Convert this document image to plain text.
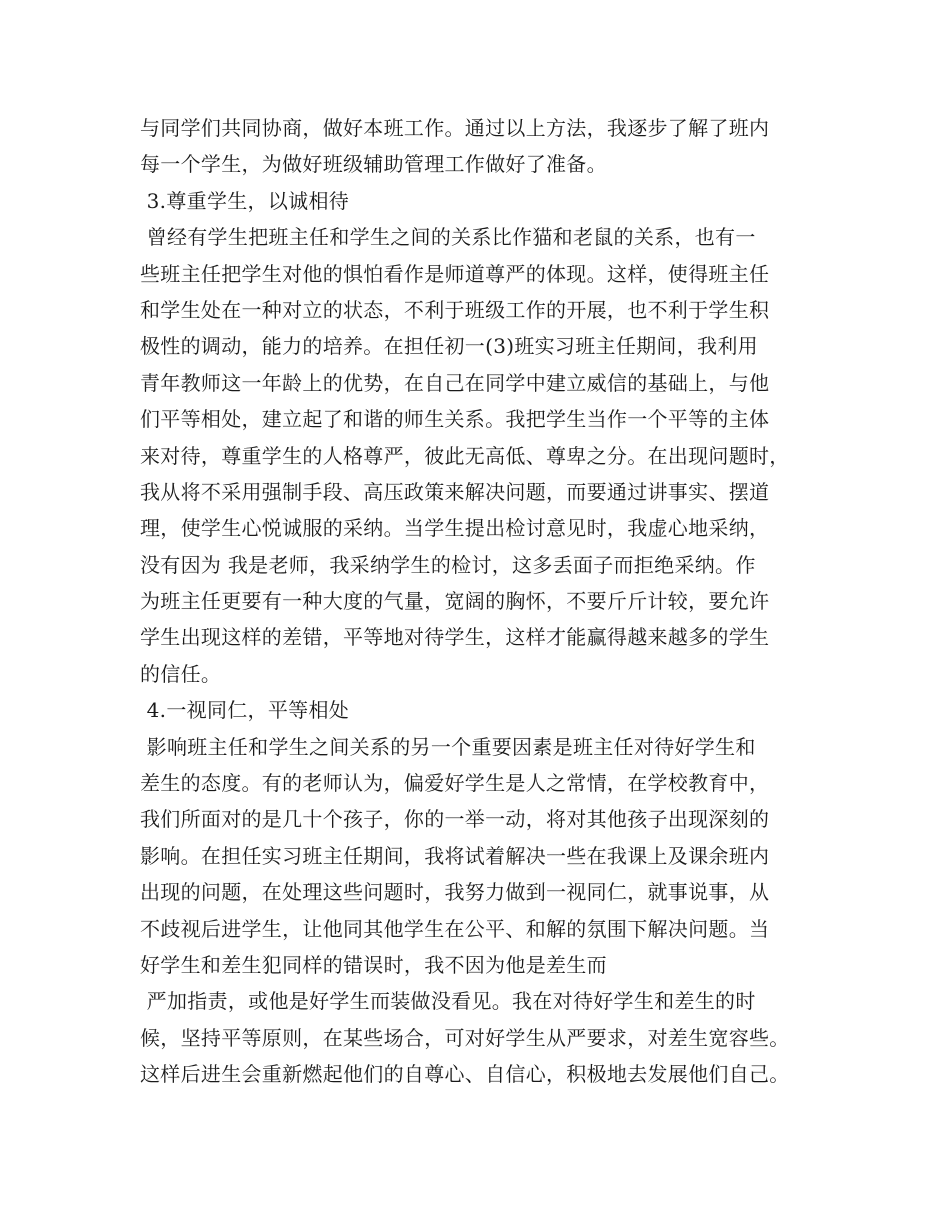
与同学们共同协商，做好本班工作。通过以上方法，我逐步了解了班内
每一个学生，为做好班级辅助管理工作做好了准备。
3.尊重学生，以诚相待
曾经有学生把班主任和学生之间的关系比作猫和老鼠的关系，也有一
些班主任把学生对他的惧怕看作是师道尊严的体现。这样，使得班主任
和学生处在一种对立的状态，不利于班级工作的开展，也不利于学生积
极性的调动，能力的培养。在担任初一(3)班实习班主任期间，我利用
青年教师这一年龄上的优势，在自己在同学中建立威信的基础上，与他
们平等相处，建立起了和谐的师生关系。我把学生当作一个平等的主体
来对待，尊重学生的人格尊严，彼此无高低、尊卑之分。在出现问题时，
我从将不采用强制手段、高压政策来解决问题，而要通过讲事实、摆道
理，使学生心悦诚服的采纳。当学生提出检讨意见时，我虚心地采纳，
没有因为 我是老师，我采纳学生的检讨，这多丢面子而拒绝采纳。作
为班主任更要有一种大度的气量，宽阔的胸怀，不要斤斤计较，要允许
学生出现这样的差错，平等地对待学生，这样才能赢得越来越多的学生
的信任。
4.一视同仁，平等相处
影响班主任和学生之间关系的另一个重要因素是班主任对待好学生和
差生的态度。有的老师认为，偏爱好学生是人之常情，在学校教育中，
我们所面对的是几十个孩子，你的一举一动，将对其他孩子出现深刻的
影响。在担任实习班主任期间，我将试着解决一些在我课上及课余班内
出现的问题，在处理这些问题时，我努力做到一视同仁，就事说事，从
不歧视后进学生，让他同其他学生在公平、和解的氛围下解决问题。当
好学生和差生犯同样的错误时，我不因为他是差生而
严加指责，或他是好学生而装做没看见。我在对待好学生和差生的时
候，坚持平等原则，在某些场合，可对好学生从严要求，对差生宽容些。
这样后进生会重新燃起他们的自尊心、自信心，积极地去发展他们自己。
